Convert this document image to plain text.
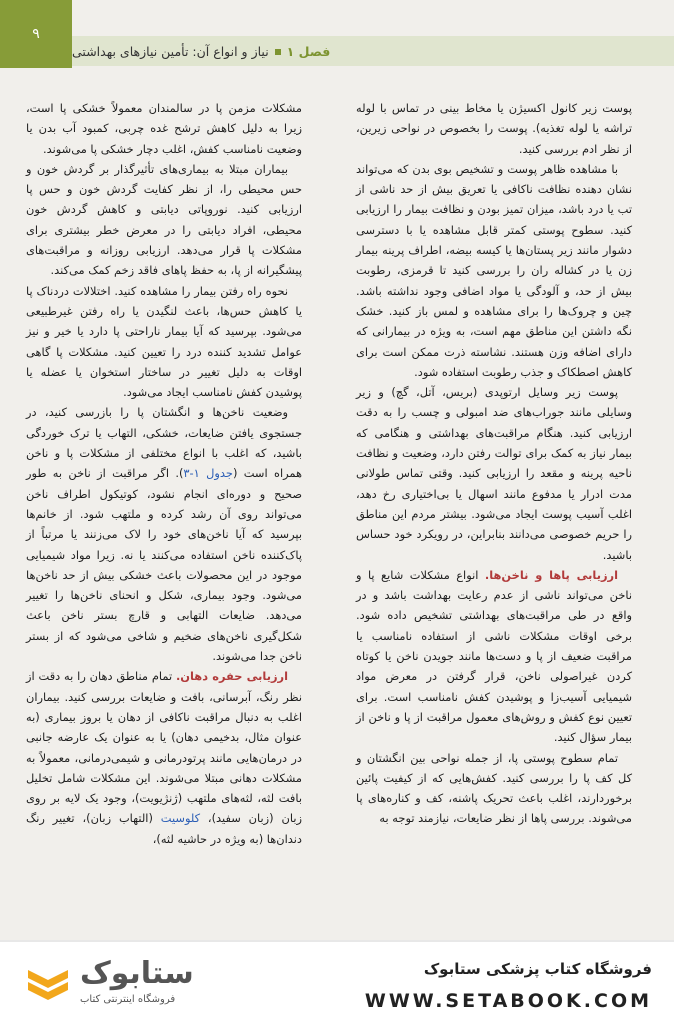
۹
فصل ۱نیاز و انواع آن: تأمین نیازهای بهداشتی

پوست زیر کانول اکسیژن یا مخاط بینی در تماس با لوله تراشه یا لوله تغذیه). پوست را بخصوص در نواحی زیرین، از نظر ادم بررسی کنید.

با مشاهده ظاهر پوست و تشخیص بوی بدن که می‌تواند نشان دهنده نظافت ناکافی یا تعریق بیش از حد ناشی از تب یا درد باشد، میزان تمیز بودن و نظافت بیمار را ارزیابی کنید. سطوح پوستی کمتر قابل مشاهده یا با دسترسی دشوار مانند زیر پستان‌ها یا کیسه بیضه، اطراف پرینه بیمار زن یا در کشاله ران را بررسی کنید تا قرمزی، رطوبت بیش از حد، و آلودگی یا مواد اضافی وجود نداشته باشد. چین و چروک‌ها را برای مشاهده و لمس باز کنید. خشک نگه داشتن این مناطق مهم است، به ویژه در بیمارانی که دارای اضافه وزن هستند. نشاسته ذرت ممکن است برای کاهش اصطکاک و جذب رطوبت استفاده شود.

پوست زیر وسایل ارتوپدی (بریس، آتل، گچ) و زیر وسایلی مانند جوراب‌های ضد امبولی و چسب را به دقت ارزیابی کنید. هنگام مراقبت‌های بهداشتی و هنگامی که بیمار نیاز به کمک برای توالت رفتن دارد، وضعیت و نظافت ناحیه پرینه و مقعد را ارزیابی کنید. وقتی تماس طولانی مدت ادرار یا مدفوع مانند اسهال یا بی‌اختیاری رخ دهد، اغلب آسیب پوست ایجاد می‌شود. بیشتر مردم این مناطق را حریم خصوصی می‌دانند بنابراین، در رویکرد خود حساس باشید.

ارزیابی پاها و ناخن‌ها. انواع مشکلات شایع پا و ناخن می‌تواند ناشی از عدم رعایت بهداشت باشد و در واقع در طی مراقبت‌های بهداشتی تشخیص داده شود. برخی اوقات مشکلات ناشی از استفاده نامناسب یا مراقبت ضعیف از پا و دست‌ها مانند جویدن ناخن یا کوتاه کردن غیراصولی ناخن، قرار گرفتن در معرض مواد شیمیایی آسیب‌زا و پوشیدن کفش نامناسب است. برای تعیین نوع کفش و روش‌های معمول مراقبت از پا و ناخن از بیمار سؤال کنید.

تمام سطوح پوستی پا، از جمله نواحی بین انگشتان و کل کف پا را بررسی کنید. کفش‌هایی که از کیفیت پائین برخوردارند، اغلب باعث تحریک پاشنه، کف و کناره‌های پا می‌شوند. بررسی پاها از نظر ضایعات، نیازمند توجه به

مشکلات مزمن پا در سالمندان معمولاً خشکی پا است، زیرا به دلیل کاهش ترشح غده چربی، کمبود آب بدن یا وضعیت نامناسب کفش، اغلب دچار خشکی پا می‌شوند.

بیماران مبتلا به بیماری‌های تأثیرگذار بر گردش خون و حس محیطی را، از نظر کفایت گردش خون و حس پا ارزیابی کنید. نوروپاتی دیابتی و کاهش گردش خون محیطی، افراد دیابتی را در معرض خطر بیشتری برای مشکلات پا قرار می‌دهد. ارزیابی روزانه و مراقبت‌های پیشگیرانه از پا، به حفظ پاهای فاقد زخم کمک می‌کند.

نحوه راه رفتن بیمار را مشاهده کنید. اختلالات دردناک پا یا کاهش حس‌ها، باعث لنگیدن یا راه رفتن غیرطبیعی می‌شود. بپرسید که آیا بیمار ناراحتی پا دارد یا خیر و نیز عوامل تشدید کننده درد را تعیین کنید. مشکلات پا گاهی اوقات به دلیل تغییر در ساختار استخوان یا عضله یا پوشیدن کفش نامناسب ایجاد می‌شود.

وضعیت ناخن‌ها و انگشتان پا را بازرسی کنید، در جستجوی یافتن ضایعات، خشکی، التهاب یا ترک خوردگی باشید، که اغلب با انواع مختلفی از مشکلات پا و ناخن همراه است (جدول ۱-۳). اگر مراقبت از ناخن به طور صحیح و دوره‌ای انجام نشود، کوتیکول اطراف ناخن می‌تواند روی آن رشد کرده و ملتهب شود. از خانم‌ها بپرسید که آیا ناخن‌های خود را لاک می‌زنند یا مرتباً از پاک‌کننده ناخن استفاده می‌کنند یا نه. زیرا مواد شیمیایی موجود در این محصولات باعث خشکی بیش از حد ناخن‌ها می‌شود. وجود بیماری، شکل و انحنای ناخن‌ها را تغییر می‌دهد. ضایعات التهابی و قارچ بستر ناخن باعث شکل‌گیری ناخن‌های ضخیم و شاخی می‌شود که از بستر ناخن جدا می‌شوند.

ارزیابی حفره دهان. تمام مناطق دهان را به دقت از نظر رنگ، آبرسانی، بافت و ضایعات بررسی کنید. بیماران اغلب به دنبال مراقبت ناکافی از دهان یا بروز بیماری (به عنوان مثال، بدخیمی دهان) یا به عنوان یک عارضه جانبی در درمان‌هایی مانند پرتودرمانی و شیمی‌درمانی، معمولاً به مشکلات دهانی مبتلا می‌شوند. این مشکلات شامل تخلیل بافت لثه، لثه‌های ملتهب (ژنژیویت)، وجود یک لایه بر روی زبان (زبان سفید)، کلوسیت (التهاب زبان)، تغییر رنگ دندان‌ها (به ویژه در حاشیه لثه)،

ستابوک
فروشگاه اینترنتی کتاب
فروشگاه کتاب پزشکی ستابوک
WWW.SETABOOK.COM
